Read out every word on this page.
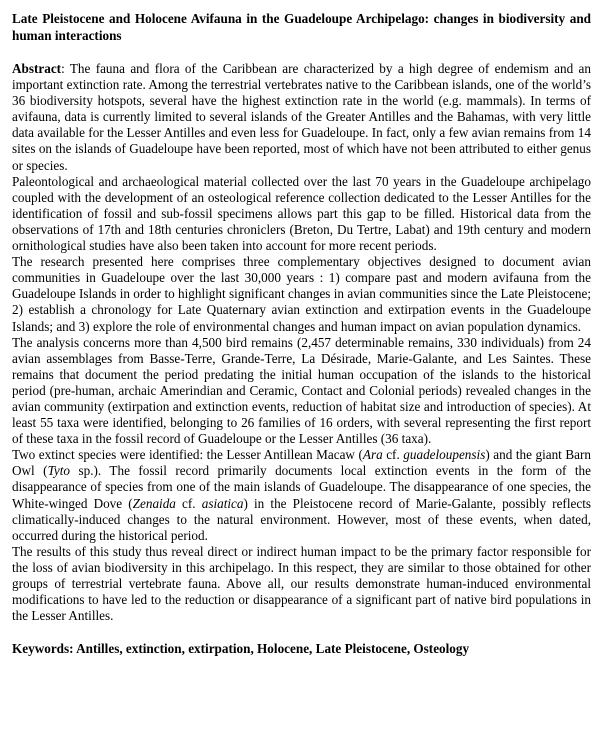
Late Pleistocene and Holocene Avifauna in the Guadeloupe Archipelago: changes in biodiversity and human interactions

Abstract: The fauna and flora of the Caribbean are characterized by a high degree of endemism and an important extinction rate. Among the terrestrial vertebrates native to the Caribbean islands, one of the world’s 36 biodiversity hotspots, several have the highest extinction rate in the world (e.g. mammals). In terms of avifauna, data is currently limited to several islands of the Greater Antilles and the Bahamas, with very little data available for the Lesser Antilles and even less for Guadeloupe. In fact, only a few avian remains from 14 sites on the islands of Guadeloupe have been reported, most of which have not been attributed to either genus or species.

Paleontological and archaeological material collected over the last 70 years in the Guadeloupe archipelago coupled with the development of an osteological reference collection dedicated to the Lesser Antilles for the identification of fossil and sub-fossil specimens allows part this gap to be filled. Historical data from the observations of 17th and 18th centuries chroniclers (Breton, Du Tertre, Labat) and 19th century and modern ornithological studies have also been taken into account for more recent periods.

The research presented here comprises three complementary objectives designed to document avian communities in Guadeloupe over the last 30,000 years : 1) compare past and modern avifauna from the Guadeloupe Islands in order to highlight significant changes in avian communities since the Late Pleistocene; 2) establish a chronology for Late Quaternary avian extinction and extirpation events in the Guadeloupe Islands; and 3) explore the role of environmental changes and human impact on avian population dynamics.

The analysis concerns more than 4,500 bird remains (2,457 determinable remains, 330 individuals) from 24 avian assemblages from Basse-Terre, Grande-Terre, La Désirade, Marie-Galante, and Les Saintes. These remains that document the period predating the initial human occupation of the islands to the historical period (pre-human, archaic Amerindian and Ceramic, Contact and Colonial periods) revealed changes in the avian community (extirpation and extinction events, reduction of habitat size and introduction of species). At least 55 taxa were identified, belonging to 26 families of 16 orders, with several representing the first report of these taxa in the fossil record of Guadeloupe or the Lesser Antilles (36 taxa).

Two extinct species were identified: the Lesser Antillean Macaw (Ara cf. guadeloupensis) and the giant Barn Owl (Tyto sp.). The fossil record primarily documents local extinction events in the form of the disappearance of species from one of the main islands of Guadeloupe. The disappearance of one species, the White-winged Dove (Zenaida cf. asiatica) in the Pleistocene record of Marie-Galante, possibly reflects climatically-induced changes to the natural environment. However, most of these events, when dated, occurred during the historical period.

The results of this study thus reveal direct or indirect human impact to be the primary factor responsible for the loss of avian biodiversity in this archipelago. In this respect, they are similar to those obtained for other groups of terrestrial vertebrate fauna. Above all, our results demonstrate human-induced environmental modifications to have led to the reduction or disappearance of a significant part of native bird populations in the Lesser Antilles.

Keywords: Antilles, extinction, extirpation, Holocene, Late Pleistocene, Osteology
